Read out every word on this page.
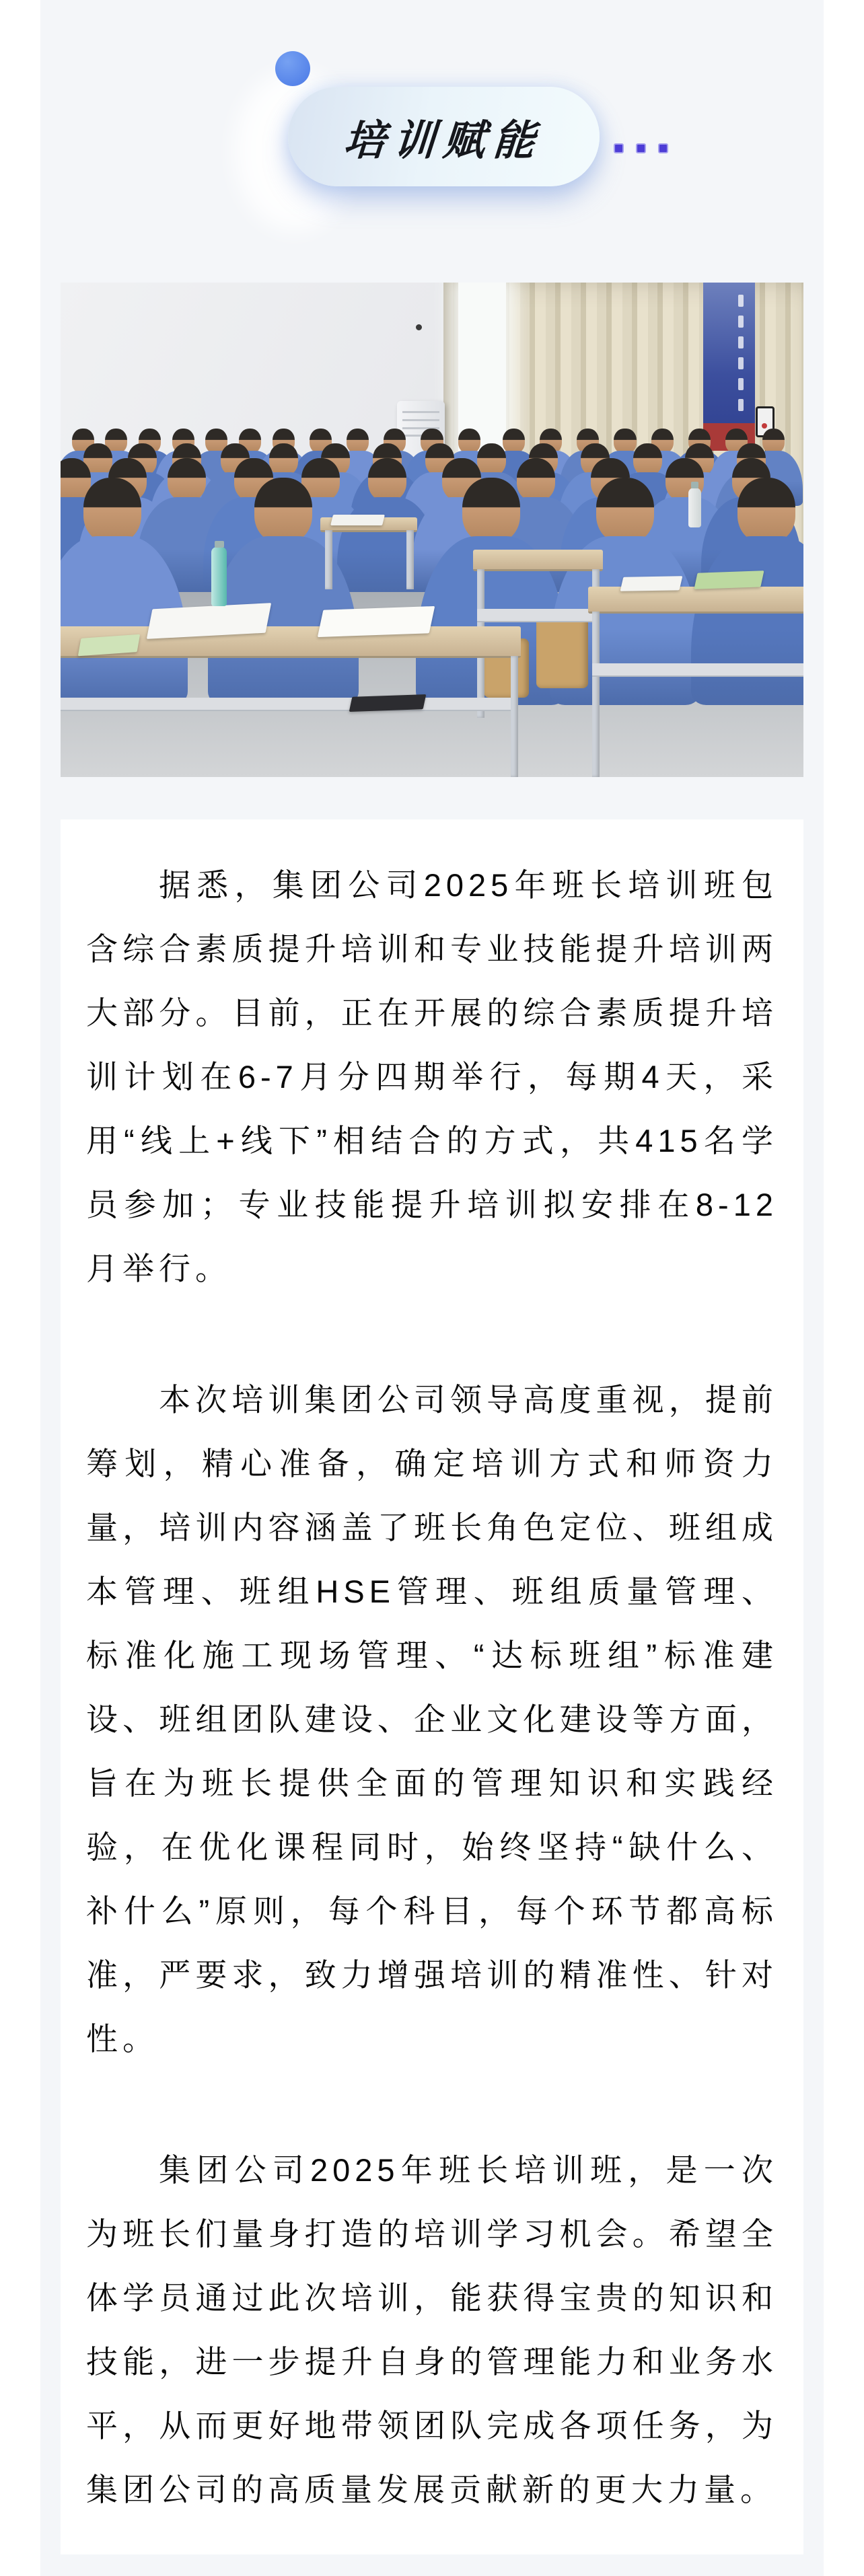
培训赋能

据悉，集团公司2025年班长培训班包含综合素质提升培训和专业技能提升培训两大部分。目前，正在开展的综合素质提升培训计划在6-7月分四期举行，每期4天，采用“线上+线下”相结合的方式，共415名学员参加；专业技能提升培训拟安排在8-12月举行。

本次培训集团公司领导高度重视，提前筹划，精心准备，确定培训方式和师资力量，培训内容涵盖了班长角色定位、班组成本管理、班组HSE管理、班组质量管理、标准化施工现场管理、“达标班组”标准建设、班组团队建设、企业文化建设等方面，旨在为班长提供全面的管理知识和实践经验，在优化课程同时，始终坚持“缺什么、补什么”原则，每个科目，每个环节都高标准，严要求，致力增强培训的精准性、针对性。

集团公司2025年班长培训班，是一次为班长们量身打造的培训学习机会。希望全体学员通过此次培训，能获得宝贵的知识和技能，进一步提升自身的管理能力和业务水平，从而更好地带领团队完成各项任务，为集团公司的高质量发展贡献新的更大力量。
